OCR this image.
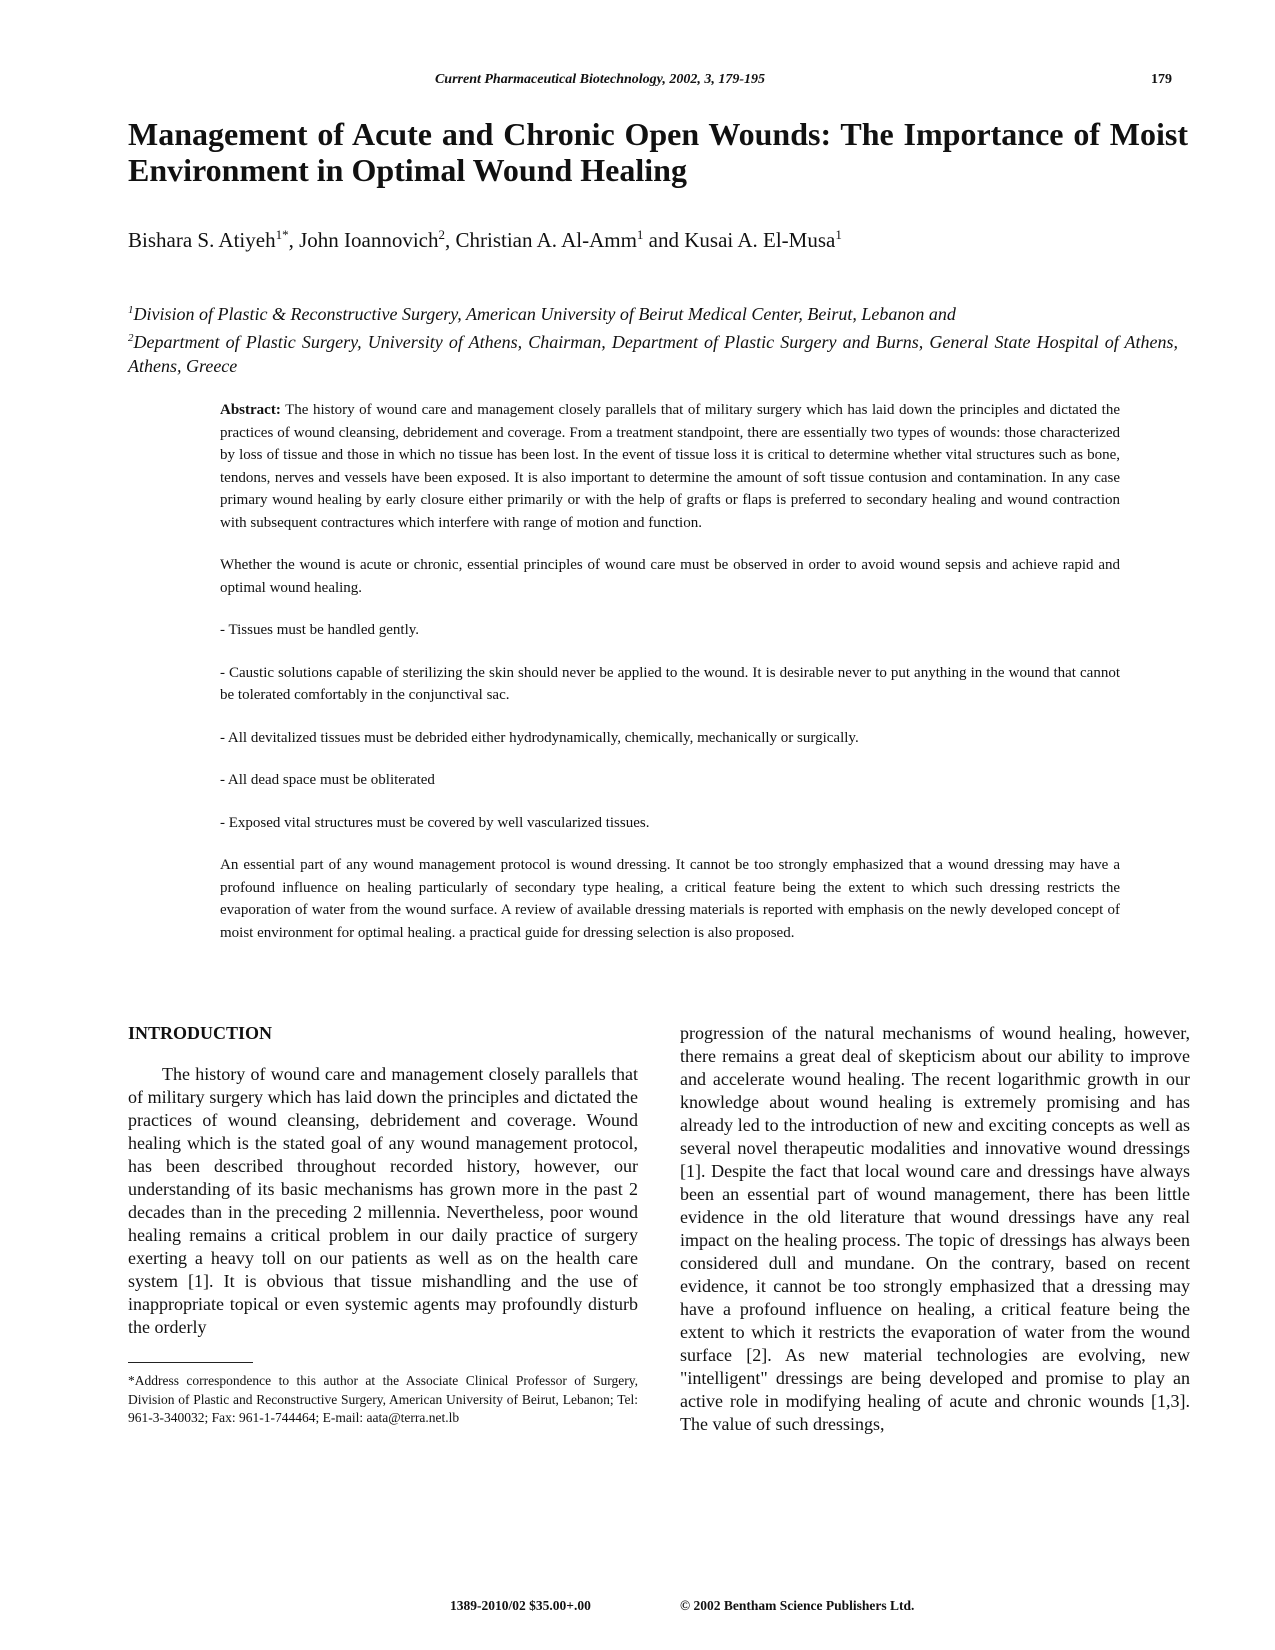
Current Pharmaceutical Biotechnology, 2002, 3, 179-195	179
Management of Acute and Chronic Open Wounds: The Importance of Moist Environment in Optimal Wound Healing
Bishara S. Atiyeh$^{1*}$, John Ioannovich$^2$, Christian A. Al-Amm$^1$ and Kusai A. El-Musa$^1$
$^1$Division of Plastic & Reconstructive Surgery, American University of Beirut Medical Center, Beirut, Lebanon and
$^2$Department of Plastic Surgery, University of Athens, Chairman, Department of Plastic Surgery and Burns, General State Hospital of Athens, Athens, Greece

Abstract: The history of wound care and management closely parallels that of military surgery which has laid down the principles and dictated the practices of wound cleansing, debridement and coverage. From a treatment standpoint, there are essentially two types of wounds: those characterized by loss of tissue and those in which no tissue has been lost. In the event of tissue loss it is critical to determine whether vital structures such as bone, tendons, nerves and vessels have been exposed. It is also important to determine the amount of soft tissue contusion and contamination. In any case primary wound healing by early closure either primarily or with the help of grafts or flaps is preferred to secondary healing and wound contraction with subsequent contractures which interfere with range of motion and function.

Whether the wound is acute or chronic, essential principles of wound care must be observed in order to avoid wound sepsis and achieve rapid and optimal wound healing.

- Tissues must be handled gently.

- Caustic solutions capable of sterilizing the skin should never be applied to the wound. It is desirable never to put anything in the wound that cannot be tolerated comfortably in the conjunctival sac.

- All devitalized tissues must be debrided either hydrodynamically, chemically, mechanically or surgically.

- All dead space must be obliterated

- Exposed vital structures must be covered by well vascularized tissues.

An essential part of any wound management protocol is wound dressing. It cannot be too strongly emphasized that a wound dressing may have a profound influence on healing particularly of secondary type healing, a critical feature being the extent to which such dressing restricts the evaporation of water from the wound surface. A review of available dressing materials is reported with emphasis on the newly developed concept of moist environment for optimal healing. a practical guide for dressing selection is also proposed.

INTRODUCTION

The history of wound care and management closely parallels that of military surgery which has laid down the principles and dictated the practices of wound cleansing, debridement and coverage. Wound healing which is the stated goal of any wound management protocol, has been described throughout recorded history, however, our understanding of its basic mechanisms has grown more in the past 2 decades than in the preceding 2 millennia. Nevertheless, poor wound healing remains a critical problem in our daily practice of surgery exerting a heavy toll on our patients as well as on the health care system [1]. It is obvious that tissue mishandling and the use of inappropriate topical or even systemic agents may profoundly disturb the orderly

progression of the natural mechanisms of wound healing, however, there remains a great deal of skepticism about our ability to improve and accelerate wound healing. The recent logarithmic growth in our knowledge about wound healing is extremely promising and has already led to the introduction of new and exciting concepts as well as several novel therapeutic modalities and innovative wound dressings [1]. Despite the fact that local wound care and dressings have always been an essential part of wound management, there has been little evidence in the old literature that wound dressings have any real impact on the healing process. The topic of dressings has always been considered dull and mundane. On the contrary, based on recent evidence, it cannot be too strongly emphasized that a dressing may have a profound influence on healing, a critical feature being the extent to which it restricts the evaporation of water from the wound surface [2]. As new material technologies are evolving, new "intelligent" dressings are being developed and promise to play an active role in modifying healing of acute and chronic wounds [1,3]. The value of such dressings,

*Address correspondence to this author at the Associate Clinical Professor of Surgery, Division of Plastic and Reconstructive Surgery, American University of Beirut, Lebanon; Tel: 961-3-340032; Fax: 961-1-744464; E-mail: aata@terra.net.lb
1389-2010/02 $35.00+.00	© 2002 Bentham Science Publishers Ltd.
